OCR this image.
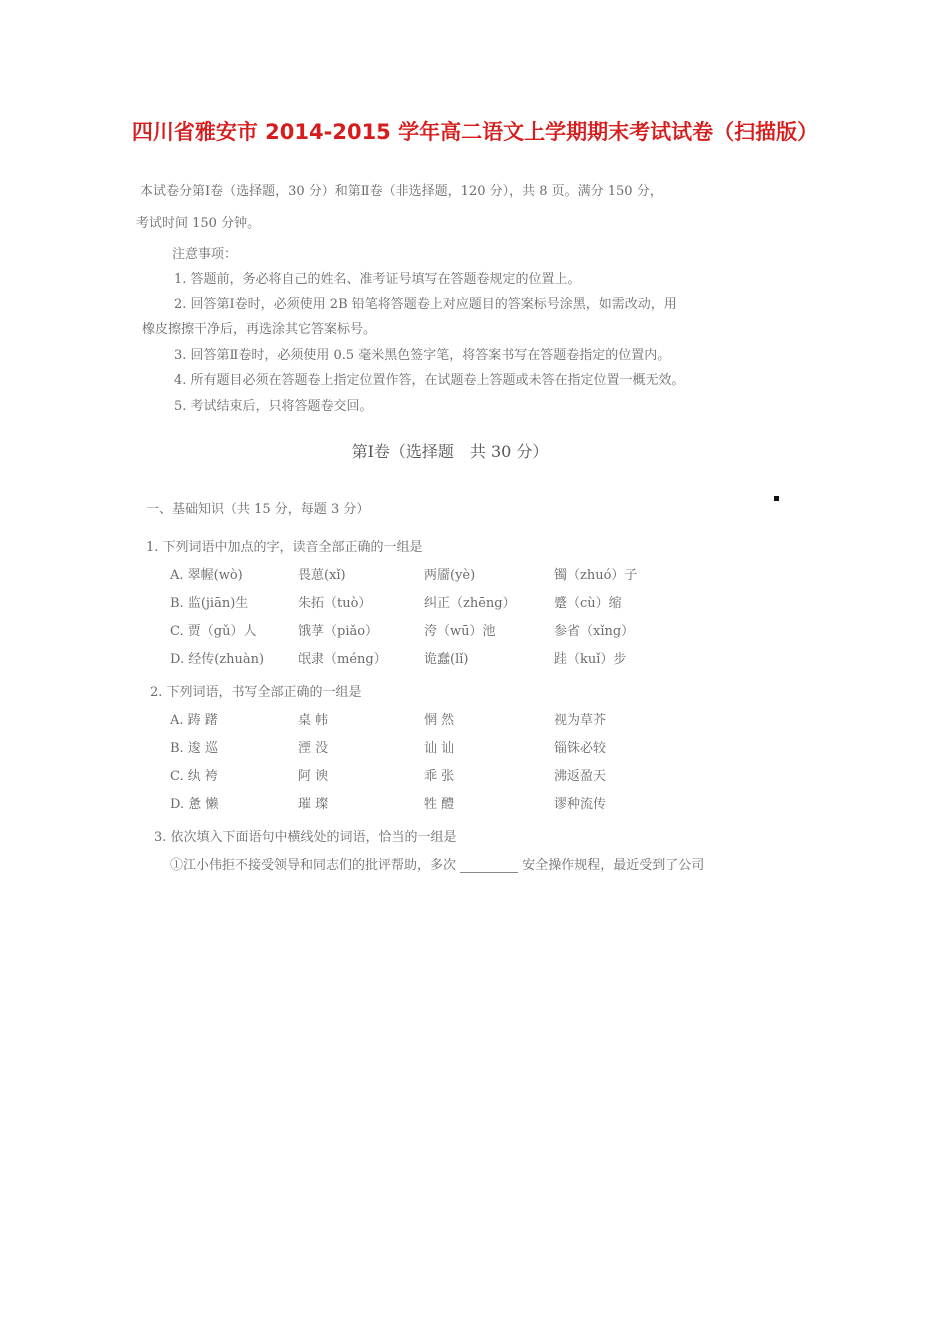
四川省雅安市 2014-2015 学年高二语文上学期期末考试试卷（扫描版）
本试卷分第Ⅰ卷（选择题，30 分）和第Ⅱ卷（非选择题，120 分），共 8 页。满分 150 分，
考试时间 150 分钟。
注意事项：
1. 答题前，务必将自己的姓名、准考证号填写在答题卷规定的位置上。
2. 回答第Ⅰ卷时，必须使用 2B 铅笔将答题卷上对应题目的答案标号涂黑，如需改动，用
橡皮擦擦干净后，再选涂其它答案标号。
3. 回答第Ⅱ卷时，必须使用 0.5 毫米黑色签字笔，将答案书写在答题卷指定的位置内。
4. 所有题目必须在答题卷上指定位置作答，在试题卷上答题或未答在指定位置一概无效。
5. 考试结束后，只将答题卷交回。
第Ⅰ卷（选择题　共 30 分）
一、基础知识（共 15 分，每题 3 分）
1. 下列词语中加点的字，读音全部正确的一组是
A. 翠幄(wò)	畏葸(xǐ)	两靥(yè)	镯（zhuó）子
B. 监(jiān)生	朱拓（tuò）	纠正（zhēng）	蹙（cù）缩
C. 贾（gǔ）人	饿莩（piǎo）	洿（wū）池	参省（xǐng）
D. 经传(zhuàn)	氓隶（méng）	诡蠢(lǐ)	跬（kuǐ）步
2. 下列词语，书写全部正确的一组是
A. 踌 躇	桌 帏	惘 然	视为草芥
B. 逡 巡	湮 没	讪 讪	锱铢必较
C. 纨 袴	阿 谀	乖 张	沸返盈天
D. 惫 懒	璀 璨	牲 醴	谬种流传
3. 依次填入下面语句中横线处的词语，恰当的一组是
①江小伟拒不接受领导和同志们的批评帮助，多次	安全操作规程，最近受到了公司
